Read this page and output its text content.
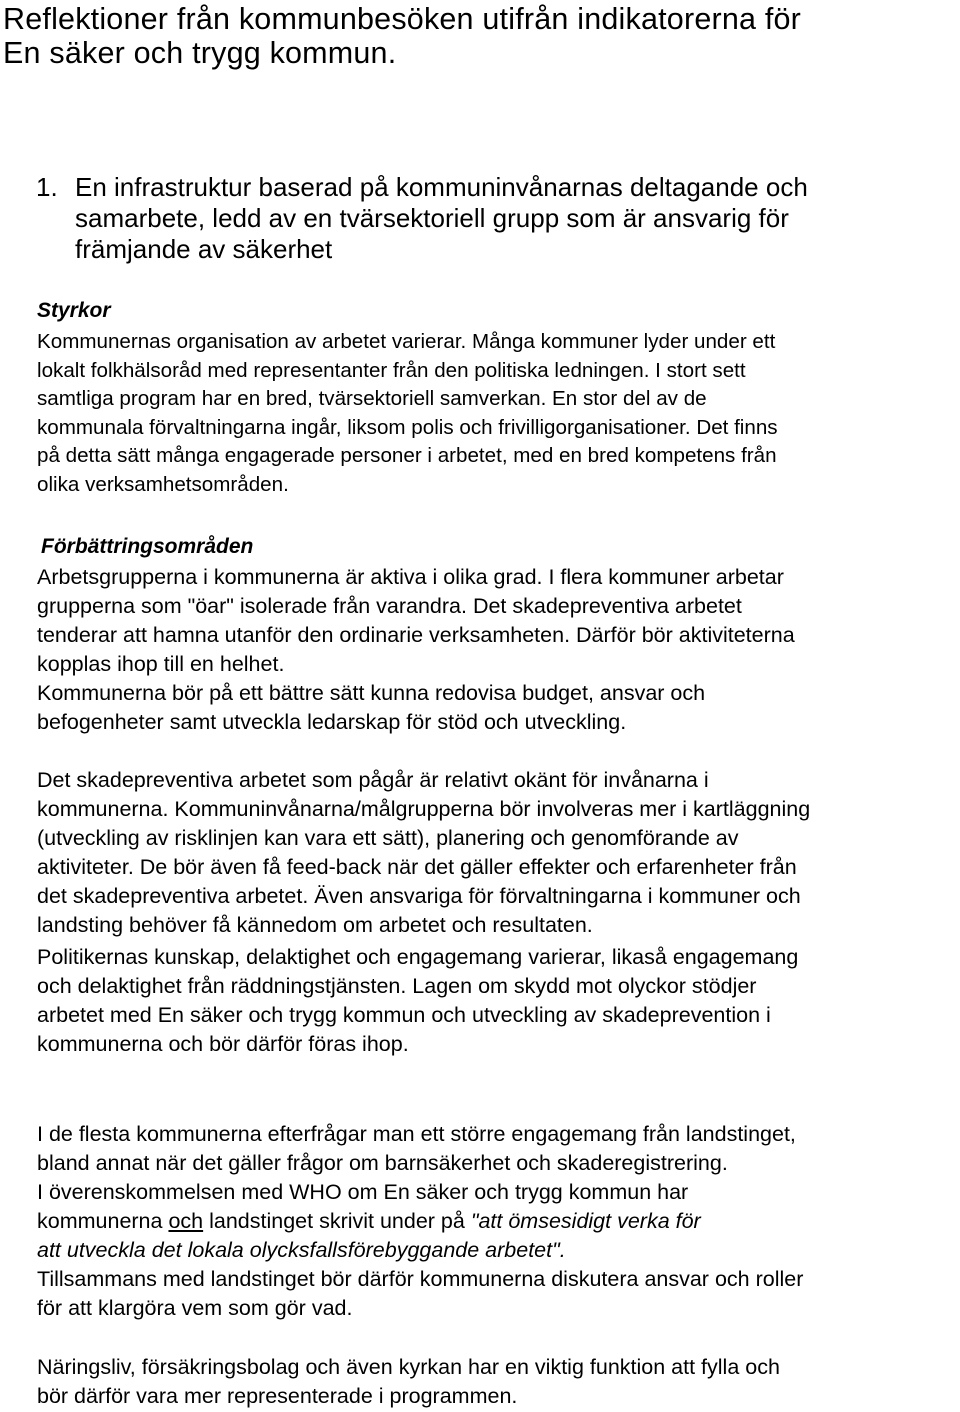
Reflektioner från kommunbesöken utifrån indikatorerna för
En säker och trygg kommun.
1. En infrastruktur baserad på kommuninvånarnas deltagande och
samarbete, ledd av en tvärsektoriell grupp som är ansvarig för
främjande av säkerhet
Styrkor
Kommunernas organisation av arbetet varierar. Många kommuner lyder under ett
lokalt folkhälsoråd med representanter från den politiska ledningen. I stort sett
samtliga program har en bred, tvärsektoriell samverkan. En stor del av de
kommunala förvaltningarna ingår, liksom polis och frivilligorganisationer. Det finns
på detta sätt många engagerade personer i arbetet, med en bred kompetens från
olika verksamhetsområden.
Förbättringsområden
Arbetsgrupperna i kommunerna är aktiva i olika grad. I flera kommuner arbetar
grupperna som "öar" isolerade från varandra. Det skadepreventiva arbetet
tenderar att hamna utanför den ordinarie verksamheten. Därför bör aktiviteterna
kopplas ihop till en helhet.
Kommunerna bör på ett bättre sätt kunna redovisa budget, ansvar och
befogenheter samt utveckla ledarskap för stöd och utveckling.
Det skadepreventiva arbetet som pågår är relativt okänt för invånarna i
kommunerna. Kommuninvånarna/målgrupperna bör involveras mer i kartläggning
(utveckling av risklinjen kan vara ett sätt), planering och genomförande av
aktiviteter. De bör även få feed-back när det gäller effekter och erfarenheter från
det skadepreventiva arbetet. Även ansvariga för förvaltningarna i kommuner och
landsting behöver få kännedom om arbetet och resultaten.
Politikernas kunskap, delaktighet och engagemang varierar, likaså engagemang
och delaktighet från räddningstjänsten. Lagen om skydd mot olyckor stödjer
arbetet med En säker och trygg kommun och utveckling av skadeprevention i
kommunerna och bör därför föras ihop.
I de flesta kommunerna efterfrågar man ett större engagemang från landstinget,
bland annat när det gäller frågor om barnsäkerhet och skaderegistrering.
I överenskommelsen med WHO om En säker och trygg kommun har
kommunerna och landstinget skrivit under på "att ömsesidigt verka för
att utveckla det lokala olycksfallsförebyggande arbetet".
Tillsammans med landstinget bör därför kommunerna diskutera ansvar och roller
för att klargöra vem som gör vad.
Näringsliv, försäkringsbolag och även kyrkan har en viktig funktion att fylla och
bör därför vara mer representerade i programmen.
